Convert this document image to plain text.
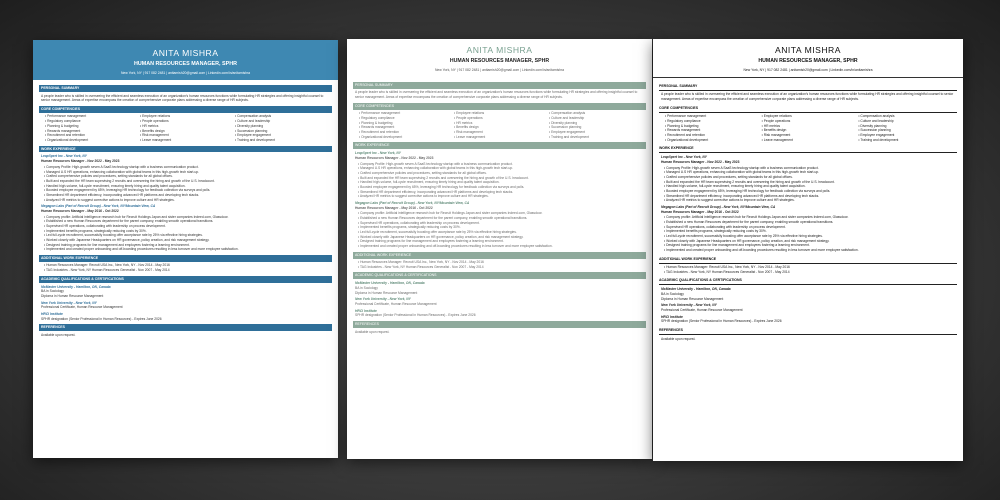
ANITA MISHRA
HUMAN RESOURCES MANAGER, SPHR
New York, NY | 917 082 2481 | anitamish20@gmail.com | Linkedin.com/in/anitamishra
PERSONAL SUMMARY
A people leader who is skilled in overseeing the efficient and seamless execution of an organization's human resources functions while formulating HR strategies and offering insightful counsel to senior management. Areas of expertise encompass the creation of comprehensive corporate plans addressing a diverse range of HR subjects.
CORE COMPETENCIES
• Performance management	• Employee relations	• Compensation analysis
• Regulatory compliance	• People operations	• Culture and leadership
• Planning & budgeting	• HR metrics	• Diversity planning
• Rewards management	• Benefits design	• Succession planning
• Recruitment and retention	• Risk management	• Employee engagement
• Organizational development	• Leave management	• Training and development
WORK EXPERIENCE
LeapXpert Inc - New York, NY
Human Resources Manager - Nov 2022 - May 2023
• Company Profile: High-growth seven A SaaS technology startup with a business communication product.
• Managed U.S HR operations, enhancing collaboration with global teams in this high-growth tech start-up.
• Crafted comprehensive policies and procedures, setting standards for all global offices.
• Built and expanded the HR team supervising 2 recruits and overseeing the hiring and growth of the U.S. headcount.
• Handled high-volume, full-cycle recruitment, ensuring timely hiring and quality talent acquisition.
• Boosted employee engagement by 65%, leveraging HR technology for feedback collection via surveys and polls.
• Streamlined HR department efficiency, incorporating advanced HR platforms and developing tech stacks.
• Analyzed HR metrics to suggest corrective actions to improve culture and HR strategies.
Megagon Labs (Part of Recruit Group) - New York, NY/Mountain View, CA
Human Resources Manager - May 2016 - Oct 2022
• Company profile: Artificial intelligence research hub for Recruit Holdings Japan and sister companies Indeed.com, Glassdoor.
• Established a new Human Resources department for the parent company, enabling smooth operational transitions.
• Supervised HR operations, collaborating with leadership on process development.
• Implemented benefits programs, strategically reducing costs by 30%.
• Led full-cycle recruitment, successfully boosting offer acceptance rate by 25% via effective hiring strategies.
• Worked closely with Japanese Headquarters on HR governance, policy creation, and risk management strategy.
• Designed training programs for line management and employees fostering a learning environment.
• Implemented and created proper onboarding and off-boarding procedures resulting in less turnover and more employee satisfaction.
ADDITIONAL WORK EXPERIENCE
• Human Resources Manager: Recruit USA Inc., New York, NY - Nov 2014 - May 2016
• TAG Industries - New York, NY Human Resources Generalist - Nov 2007 - May 2014
ACADEMIC QUALIFICATIONS & CERTIFICATIONS
McMaster University - Hamilton, ON, Canada
BA in Sociology
Diploma in Human Resource Management
New York University - New York, NY
Professional Certificate, Human Resource Management
HRCI Institute
SPHR designation (Senior Professional in Human Resources) - Expires June 2026
REFERENCES
Available upon request.
ANITA MISHRA
HUMAN RESOURCES MANAGER, SPHR
New York, NY | 917 082 2481 | anitamish20@gmail.com | Linkedin.com/in/anitamishra
PERSONAL SUMMARY
A people leader who is skilled in overseeing the efficient and seamless execution of an organization's human resources functions while formulating HR strategies and offering insightful counsel to senior management. Areas of expertise encompass the creation of comprehensive corporate plans addressing a diverse range of HR subjects.
CORE COMPETENCIES
• Performance management	• Employee relations	• Compensation analysis
• Regulatory compliance	• People operations	• Culture and leadership
• Planning & budgeting	• HR metrics	• Diversity planning
• Rewards management	• Benefits design	• Succession planning
• Recruitment and retention	• Risk management	• Employee engagement
• Organizational development	• Leave management	• Training and development
WORK EXPERIENCE
LeapXpert Inc - New York, NY
Human Resources Manager - Nov 2022 - May 2023
• Company Profile: High-growth seven A SaaS technology startup with a business communication product.
• Managed U.S HR operations, enhancing collaboration with global teams in this high-growth tech start-up.
• Crafted comprehensive policies and procedures, setting standards for all global offices.
• Built and expanded the HR team supervising 2 recruits and overseeing the hiring and growth of the U.S. headcount.
• Handled high-volume, full-cycle recruitment, ensuring timely hiring and quality talent acquisition.
• Boosted employee engagement by 65%, leveraging HR technology for feedback collection via surveys and polls.
• Streamlined HR department efficiency, incorporating advanced HR platforms and developing tech stacks.
• Analyzed HR metrics to suggest corrective actions to improve culture and HR strategies.
Megagon Labs (Part of Recruit Group) - New York, NY/Mountain View, CA
Human Resources Manager - May 2016 - Oct 2022
• Company profile: Artificial intelligence research hub for Recruit Holdings Japan and sister companies Indeed.com, Glassdoor.
• Established a new Human Resources department for the parent company, enabling smooth operational transitions.
• Supervised HR operations, collaborating with leadership on process development.
• Implemented benefits programs, strategically reducing costs by 30%.
• Led full-cycle recruitment, successfully boosting offer acceptance rate by 25% via effective hiring strategies.
• Worked closely with Japanese Headquarters on HR governance, policy creation, and risk management strategy.
• Designed training programs for line management and employees fostering a learning environment.
• Implemented and created proper onboarding and off-boarding procedures resulting in less turnover and more employee satisfaction.
ADDITIONAL WORK EXPERIENCE
• Human Resources Manager: Recruit USA Inc., New York, NY - Nov 2014 - May 2016
• TAG Industries - New York, NY Human Resources Generalist - Nov 2007 - May 2014
ACADEMIC QUALIFICATIONS & CERTIFICATIONS
McMaster University - Hamilton, ON, Canada
BA in Sociology
Diploma in Human Resource Management
New York University - New York, NY
Professional Certificate, Human Resource Management
HRCI Institute
SPHR designation (Senior Professional in Human Resources) - Expires June 2026
REFERENCES
Available upon request.
ANITA MISHRA
HUMAN RESOURCES MANAGER, SPHR
New York, NY | 917 082 2481 | anitamish20@gmail.com | Linkedin.com/in/anitamishra
PERSONAL SUMMARY
A people leader who is skilled in overseeing the efficient and seamless execution of an organization's human resources functions while formulating HR strategies and offering insightful counsel to senior management. Areas of expertise encompass the creation of comprehensive corporate plans addressing a diverse range of HR subjects.
CORE COMPETENCIES
• Performance management	• Employee relations	• Compensation analysis
• Regulatory compliance	• People operations	• Culture and leadership
• Planning & budgeting	• HR metrics	• Diversity planning
• Rewards management	• Benefits design	• Succession planning
• Recruitment and retention	• Risk management	• Employee engagement
• Organizational development	• Leave management	• Training and development
WORK EXPERIENCE
LeapXpert Inc - New York, NY
Human Resources Manager - Nov 2022 - May 2023
• Company Profile: High-growth seven A SaaS technology startup with a business communication product.
• Managed U.S HR operations, enhancing collaboration with global teams in this high-growth tech start-up.
• Crafted comprehensive policies and procedures, setting standards for all global offices.
• Built and expanded the HR team supervising 2 recruits and overseeing the hiring and growth of the U.S. headcount.
• Handled high-volume, full-cycle recruitment, ensuring timely hiring and quality talent acquisition.
• Boosted employee engagement by 65%, leveraging HR technology for feedback collection via surveys and polls.
• Streamlined HR department efficiency, incorporating advanced HR platforms and developing tech stacks.
• Analyzed HR metrics to suggest corrective actions to improve culture and HR strategies.
Megagon Labs (Part of Recruit Group) - New York, NY/Mountain View, CA
Human Resources Manager - May 2016 - Oct 2022
• Company profile: Artificial intelligence research hub for Recruit Holdings Japan and sister companies Indeed.com, Glassdoor.
• Established a new Human Resources department for the parent company, enabling smooth operational transitions.
• Supervised HR operations, collaborating with leadership on process development.
• Implemented benefits programs, strategically reducing costs by 30%.
• Led full-cycle recruitment, successfully boosting offer acceptance rate by 25% via effective hiring strategies.
• Worked closely with Japanese Headquarters on HR governance, policy creation, and risk management strategy.
• Designed training programs for line management and employees fostering a learning environment.
• Implemented and created proper onboarding and off-boarding procedures resulting in less turnover and more employee satisfaction.
ADDITIONAL WORK EXPERIENCE
• Human Resources Manager: Recruit USA Inc., New York, NY - Nov 2014 - May 2016
• TAG Industries - New York, NY Human Resources Generalist - Nov 2007 - May 2014
ACADEMIC QUALIFICATIONS & CERTIFICATIONS
McMaster University - Hamilton, ON, Canada
BA in Sociology
Diploma in Human Resource Management
New York University - New York, NY
Professional Certificate, Human Resource Management
HRCI Institute
SPHR designation (Senior Professional in Human Resources) - Expires June 2026
REFERENCES
Available upon request.
